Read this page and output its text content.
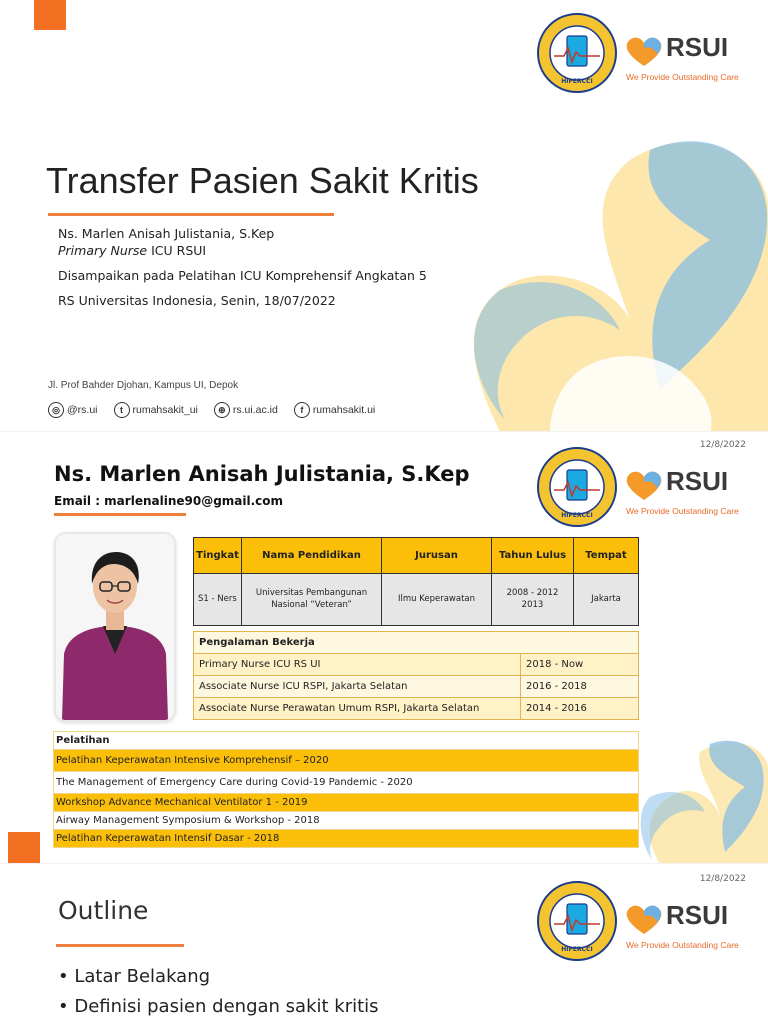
HIPERCCI
RSUI
We Provide Outstanding Care
Transfer Pasien Sakit Kritis
Ns. Marlen Anisah Julistania, S.Kep
Primary Nurse ICU RSUI
Disampaikan pada Pelatihan ICU Komprehensif Angkatan 5
RS Universitas Indonesia, Senin, 18/07/2022
Jl. Prof Bahder Djohan, Kampus UI, Depok
◎ @rs.ui	t rumahsakit_ui	⊕ rs.ui.ac.id	f rumahsakit.ui
12/8/2022
HIPERCCI
RSUI
We Provide Outstanding Care
Ns. Marlen Anisah Julistania, S.Kep
Email : marlenaline90@gmail.com
Tingkat	Nama Pendidikan	Jurusan	Tahun Lulus	Tempat
S1 - Ners	Universitas Pembangunan Nasional “Veteran”	Ilmu Keperawatan	2008 - 2012 2013	Jakarta
Pengalaman Bekerja	
Primary Nurse ICU RS UI	2018 - Now
Associate Nurse ICU RSPI, Jakarta Selatan	2016 - 2018
Associate Nurse Perawatan Umum RSPI, Jakarta Selatan	2014 - 2016
Pelatihan
Pelatihan Keperawatan Intensive Komprehensif – 2020
The Management of Emergency Care during Covid-19 Pandemic - 2020
Workshop Advance Mechanical Ventilator 1 - 2019
Airway Management Symposium & Workshop - 2018
Pelatihan Keperawatan Intensif Dasar - 2018
12/8/2022
HIPERCCI
RSUI
We Provide Outstanding Care
Outline
• Latar Belakang
• Definisi pasien dengan sakit kritis
